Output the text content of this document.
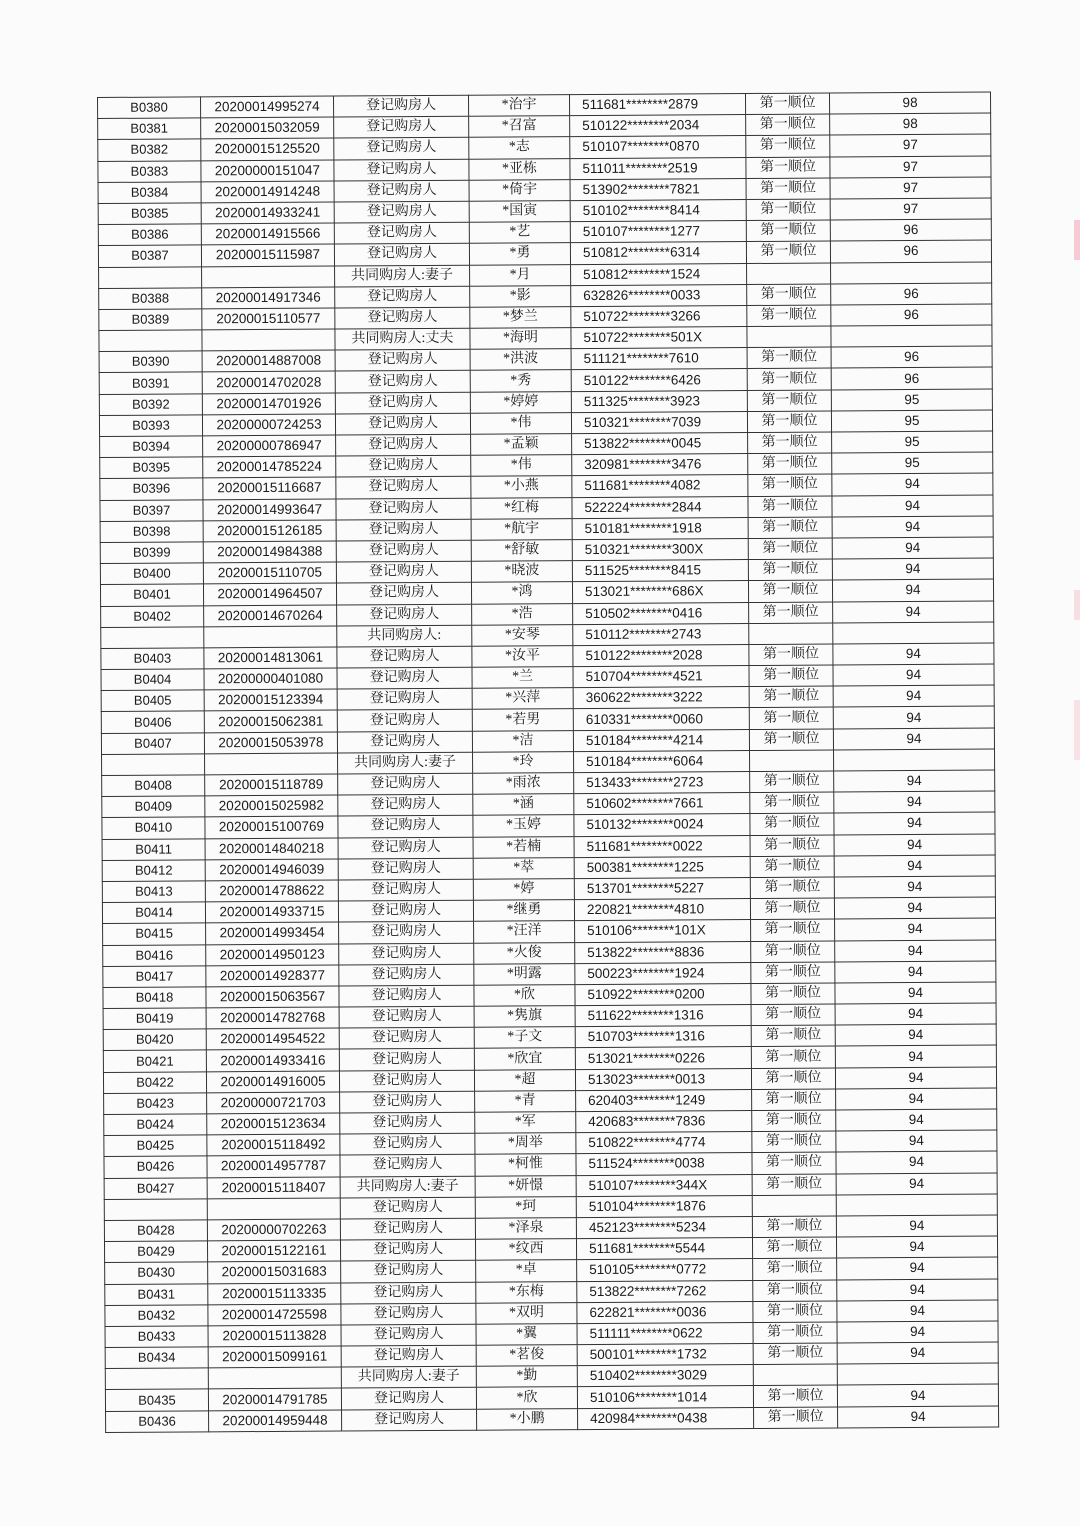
B0380	20200014995274	登记购房人	*治宇	511681********2879	第一顺位	98
B0381	20200015032059	登记购房人	*召富	510122********2034	第一顺位	98
B0382	20200015125520	登记购房人	*志	510107********0870	第一顺位	97
B0383	20200000151047	登记购房人	*亚栋	511011********2519	第一顺位	97
B0384	20200014914248	登记购房人	*倚宇	513902********7821	第一顺位	97
B0385	20200014933241	登记购房人	*国寅	510102********8414	第一顺位	97
B0386	20200014915566	登记购房人	*艺	510107********1277	第一顺位	96
B0387	20200015115987	登记购房人	*勇	510812********6314	第一顺位	96
		共同购房人:妻子	*月	510812********1524		
B0388	20200014917346	登记购房人	*影	632826********0033	第一顺位	96
B0389	20200015110577	登记购房人	*梦兰	510722********3266	第一顺位	96
		共同购房人:丈夫	*海明	510722********501X		
B0390	20200014887008	登记购房人	*洪波	511121********7610	第一顺位	96
B0391	20200014702028	登记购房人	*秀	510122********6426	第一顺位	96
B0392	20200014701926	登记购房人	*婷婷	511325********3923	第一顺位	95
B0393	20200000724253	登记购房人	*伟	510321********7039	第一顺位	95
B0394	20200000786947	登记购房人	*孟颖	513822********0045	第一顺位	95
B0395	20200014785224	登记购房人	*伟	320981********3476	第一顺位	95
B0396	20200015116687	登记购房人	*小燕	511681********4082	第一顺位	94
B0397	20200014993647	登记购房人	*红梅	522224********2844	第一顺位	94
B0398	20200015126185	登记购房人	*航宇	510181********1918	第一顺位	94
B0399	20200014984388	登记购房人	*舒敏	510321********300X	第一顺位	94
B0400	20200015110705	登记购房人	*晓波	511525********8415	第一顺位	94
B0401	20200014964507	登记购房人	*鸿	513021********686X	第一顺位	94
B0402	20200014670264	登记购房人	*浩	510502********0416	第一顺位	94
		共同购房人:	*安琴	510112********2743		
B0403	20200014813061	登记购房人	*汝平	510122********2028	第一顺位	94
B0404	20200000401080	登记购房人	*兰	510704********4521	第一顺位	94
B0405	20200015123394	登记购房人	*兴萍	360622********3222	第一顺位	94
B0406	20200015062381	登记购房人	*若男	610331********0060	第一顺位	94
B0407	20200015053978	登记购房人	*洁	510184********4214	第一顺位	94
		共同购房人:妻子	*玲	510184********6064		
B0408	20200015118789	登记购房人	*雨浓	513433********2723	第一顺位	94
B0409	20200015025982	登记购房人	*涵	510602********7661	第一顺位	94
B0410	20200015100769	登记购房人	*玉婷	510132********0024	第一顺位	94
B0411	20200014840218	登记购房人	*若楠	511681********0022	第一顺位	94
B0412	20200014946039	登记购房人	*萃	500381********1225	第一顺位	94
B0413	20200014788622	登记购房人	*婷	513701********5227	第一顺位	94
B0414	20200014933715	登记购房人	*继勇	220821********4810	第一顺位	94
B0415	20200014993454	登记购房人	*汪洋	510106********101X	第一顺位	94
B0416	20200014950123	登记购房人	*火俊	513822********8836	第一顺位	94
B0417	20200014928377	登记购房人	*明露	500223********1924	第一顺位	94
B0418	20200015063567	登记购房人	*欣	510922********0200	第一顺位	94
B0419	20200014782768	登记购房人	*隽旗	511622********1316	第一顺位	94
B0420	20200014954522	登记购房人	*子文	510703********1316	第一顺位	94
B0421	20200014933416	登记购房人	*欣宜	513021********0226	第一顺位	94
B0422	20200014916005	登记购房人	*超	513023********0013	第一顺位	94
B0423	20200000721703	登记购房人	*青	620403********1249	第一顺位	94
B0424	20200015123634	登记购房人	*军	420683********7836	第一顺位	94
B0425	20200015118492	登记购房人	*周举	510822********4774	第一顺位	94
B0426	20200014957787	登记购房人	*柯惟	511524********0038	第一顺位	94
B0427	20200015118407	共同购房人:妻子	*妍憬	510107********344X	第一顺位	94
		登记购房人	*珂	510104********1876		
B0428	20200000702263	登记购房人	*泽泉	452123********5234	第一顺位	94
B0429	20200015122161	登记购房人	*纹西	511681********5544	第一顺位	94
B0430	20200015031683	登记购房人	*卓	510105********0772	第一顺位	94
B0431	20200015113335	登记购房人	*东梅	513822********7262	第一顺位	94
B0432	20200014725598	登记购房人	*双明	622821********0036	第一顺位	94
B0433	20200015113828	登记购房人	*翼	511111********0622	第一顺位	94
B0434	20200015099161	登记购房人	*茗俊	500101********1732	第一顺位	94
		共同购房人:妻子	*勤	510402********3029		
B0435	20200014791785	登记购房人	*欣	510106********1014	第一顺位	94
B0436	20200014959448	登记购房人	*小鹏	420984********0438	第一顺位	94
